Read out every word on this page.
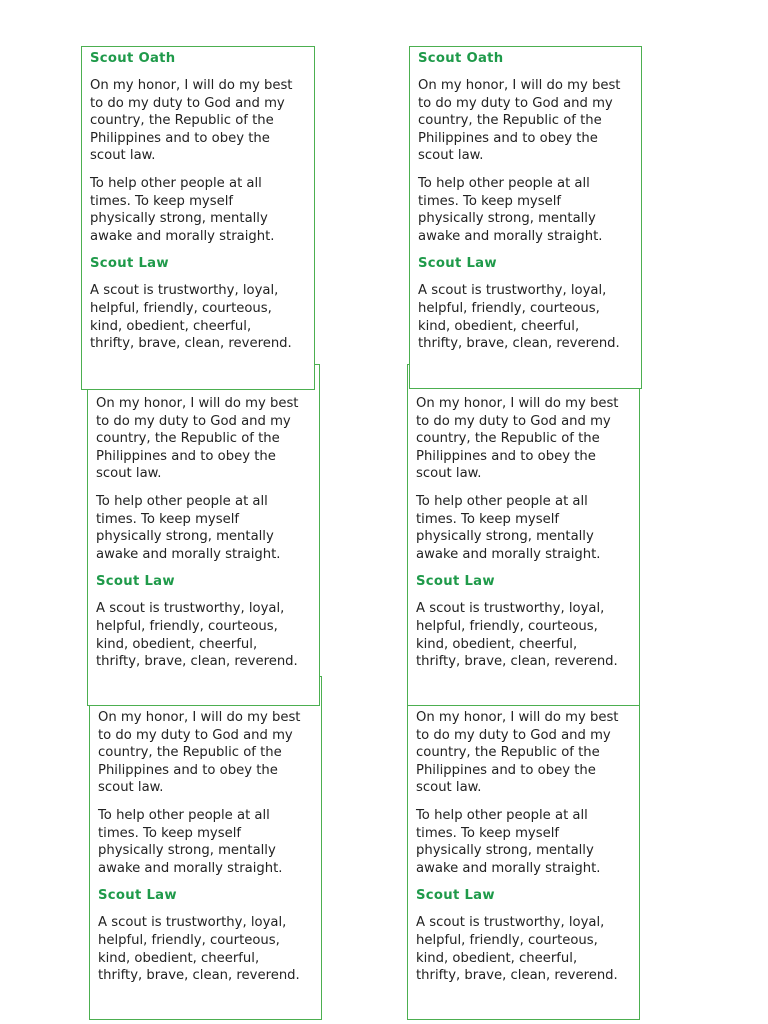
On my honor, I will do my best

to do my duty to God and my

country, the Republic of the

Philippines and to obey the

scout law.

To help other people at all

times. To keep myself

physically strong, mentally

awake and morally straight.

Scout Law

A scout is trustworthy, loyal,

helpful, friendly, courteous,

kind, obedient, cheerful,

thrifty, brave, clean, reverend.

On my honor, I will do my best

to do my duty to God and my

country, the Republic of the

Philippines and to obey the

scout law.

To help other people at all

times. To keep myself

physically strong, mentally

awake and morally straight.

Scout Law

A scout is trustworthy, loyal,

helpful, friendly, courteous,

kind, obedient, cheerful,

thrifty, brave, clean, reverend.

On my honor, I will do my best

to do my duty to God and my

country, the Republic of the

Philippines and to obey the

scout law.

To help other people at all

times. To keep myself

physically strong, mentally

awake and morally straight.

Scout Law

A scout is trustworthy, loyal,

helpful, friendly, courteous,

kind, obedient, cheerful,

thrifty, brave, clean, reverend.

On my honor, I will do my best

to do my duty to God and my

country, the Republic of the

Philippines and to obey the

scout law.

To help other people at all

times. To keep myself

physically strong, mentally

awake and morally straight.

Scout Law

A scout is trustworthy, loyal,

helpful, friendly, courteous,

kind, obedient, cheerful,

thrifty, brave, clean, reverend.

Scout Oath

On my honor, I will do my best

to do my duty to God and my

country, the Republic of the

Philippines and to obey the

scout law.

To help other people at all

times. To keep myself

physically strong, mentally

awake and morally straight.

Scout Law

A scout is trustworthy, loyal,

helpful, friendly, courteous,

kind, obedient, cheerful,

thrifty, brave, clean, reverend.

Scout Oath

On my honor, I will do my best

to do my duty to God and my

country, the Republic of the

Philippines and to obey the

scout law.

To help other people at all

times. To keep myself

physically strong, mentally

awake and morally straight.

Scout Law

A scout is trustworthy, loyal,

helpful, friendly, courteous,

kind, obedient, cheerful,

thrifty, brave, clean, reverend.
